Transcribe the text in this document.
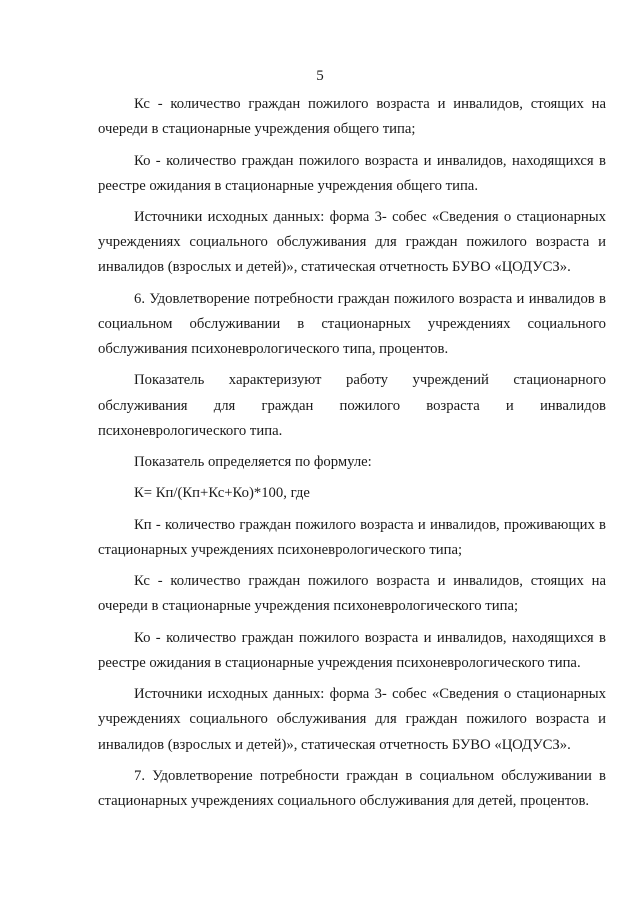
5

Кс - количество граждан пожилого возраста и инвалидов, стоящих на очереди в стационарные учреждения общего типа;

Ко - количество граждан пожилого возраста и инвалидов, находящихся в реестре ожидания в стационарные учреждения общего типа.

Источники исходных данных: форма 3- собес «Сведения о стационарных учреждениях социального обслуживания для граждан пожилого возраста и инвалидов (взрослых и детей)», статическая отчетность БУВО «ЦОДУСЗ».

6. Удовлетворение потребности граждан пожилого возраста и инвалидов в социальном обслуживании в стационарных учреждениях социального обслуживания психоневрологического типа, процентов.

Показатель характеризуют работу учреждений стационарного обслуживания для граждан пожилого возраста и инвалидов психоневрологического типа.

Показатель определяется по формуле:

К= Кп/(Кп+Кс+Ко)*100, где

Кп - количество граждан пожилого возраста и инвалидов, проживающих в стационарных учреждениях психоневрологического типа;

Кс - количество граждан пожилого возраста и инвалидов, стоящих на очереди в стационарные учреждения психоневрологического типа;

Ко - количество граждан пожилого возраста и инвалидов, находящихся в реестре ожидания в стационарные учреждения психоневрологического типа.

Источники исходных данных: форма 3- собес «Сведения о стационарных учреждениях социального обслуживания для граждан пожилого возраста и инвалидов (взрослых и детей)», статическая отчетность БУВО «ЦОДУСЗ».

7. Удовлетворение потребности граждан в социальном обслуживании в стационарных учреждениях социального обслуживания для детей, процентов.
